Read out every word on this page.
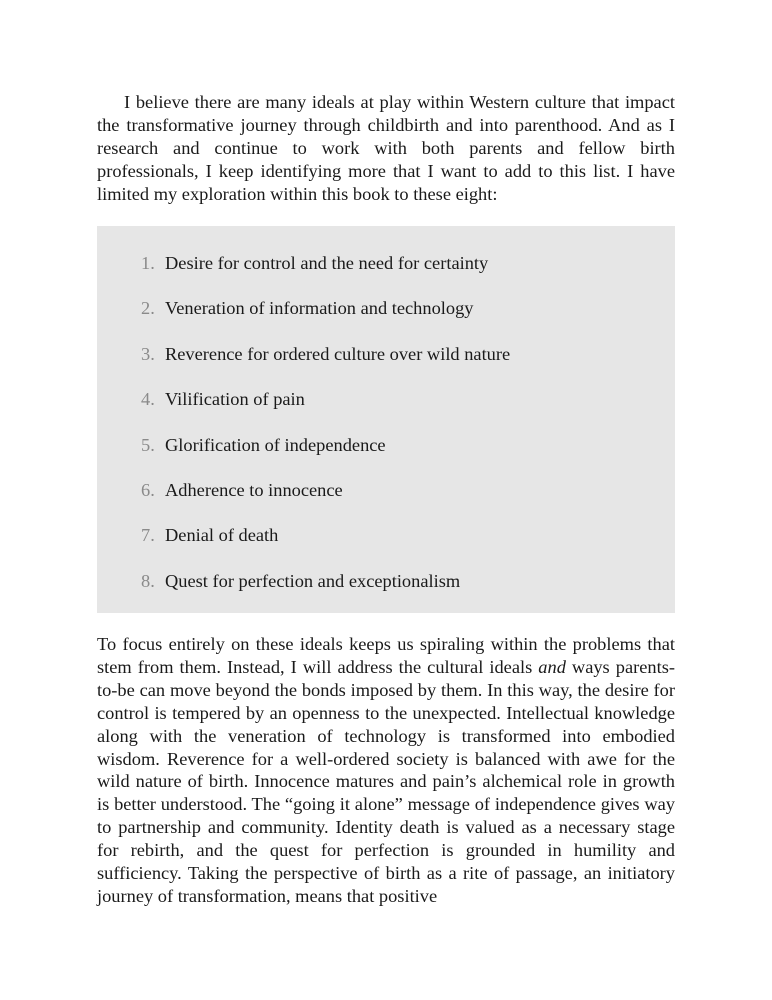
I believe there are many ideals at play within Western culture that impact the transformative journey through childbirth and into parenthood. And as I research and continue to work with both parents and fellow birth professionals, I keep identifying more that I want to add to this list. I have limited my exploration within this book to these eight:

1. Desire for control and the need for certainty
2. Veneration of information and technology
3. Reverence for ordered culture over wild nature
4. Vilification of pain
5. Glorification of independence
6. Adherence to innocence
7. Denial of death
8. Quest for perfection and exceptionalism

To focus entirely on these ideals keeps us spiraling within the problems that stem from them. Instead, I will address the cultural ideals and ways parents-to-be can move beyond the bonds imposed by them. In this way, the desire for control is tempered by an openness to the unexpected. Intellectual knowledge along with the veneration of technology is transformed into embodied wisdom. Reverence for a well-ordered society is balanced with awe for the wild nature of birth. Innocence matures and pain’s alchemical role in growth is better understood. The “going it alone” message of independence gives way to partnership and community. Identity death is valued as a necessary stage for rebirth, and the quest for perfection is grounded in humility and sufficiency. Taking the perspective of birth as a rite of passage, an initiatory journey of transformation, means that positive
